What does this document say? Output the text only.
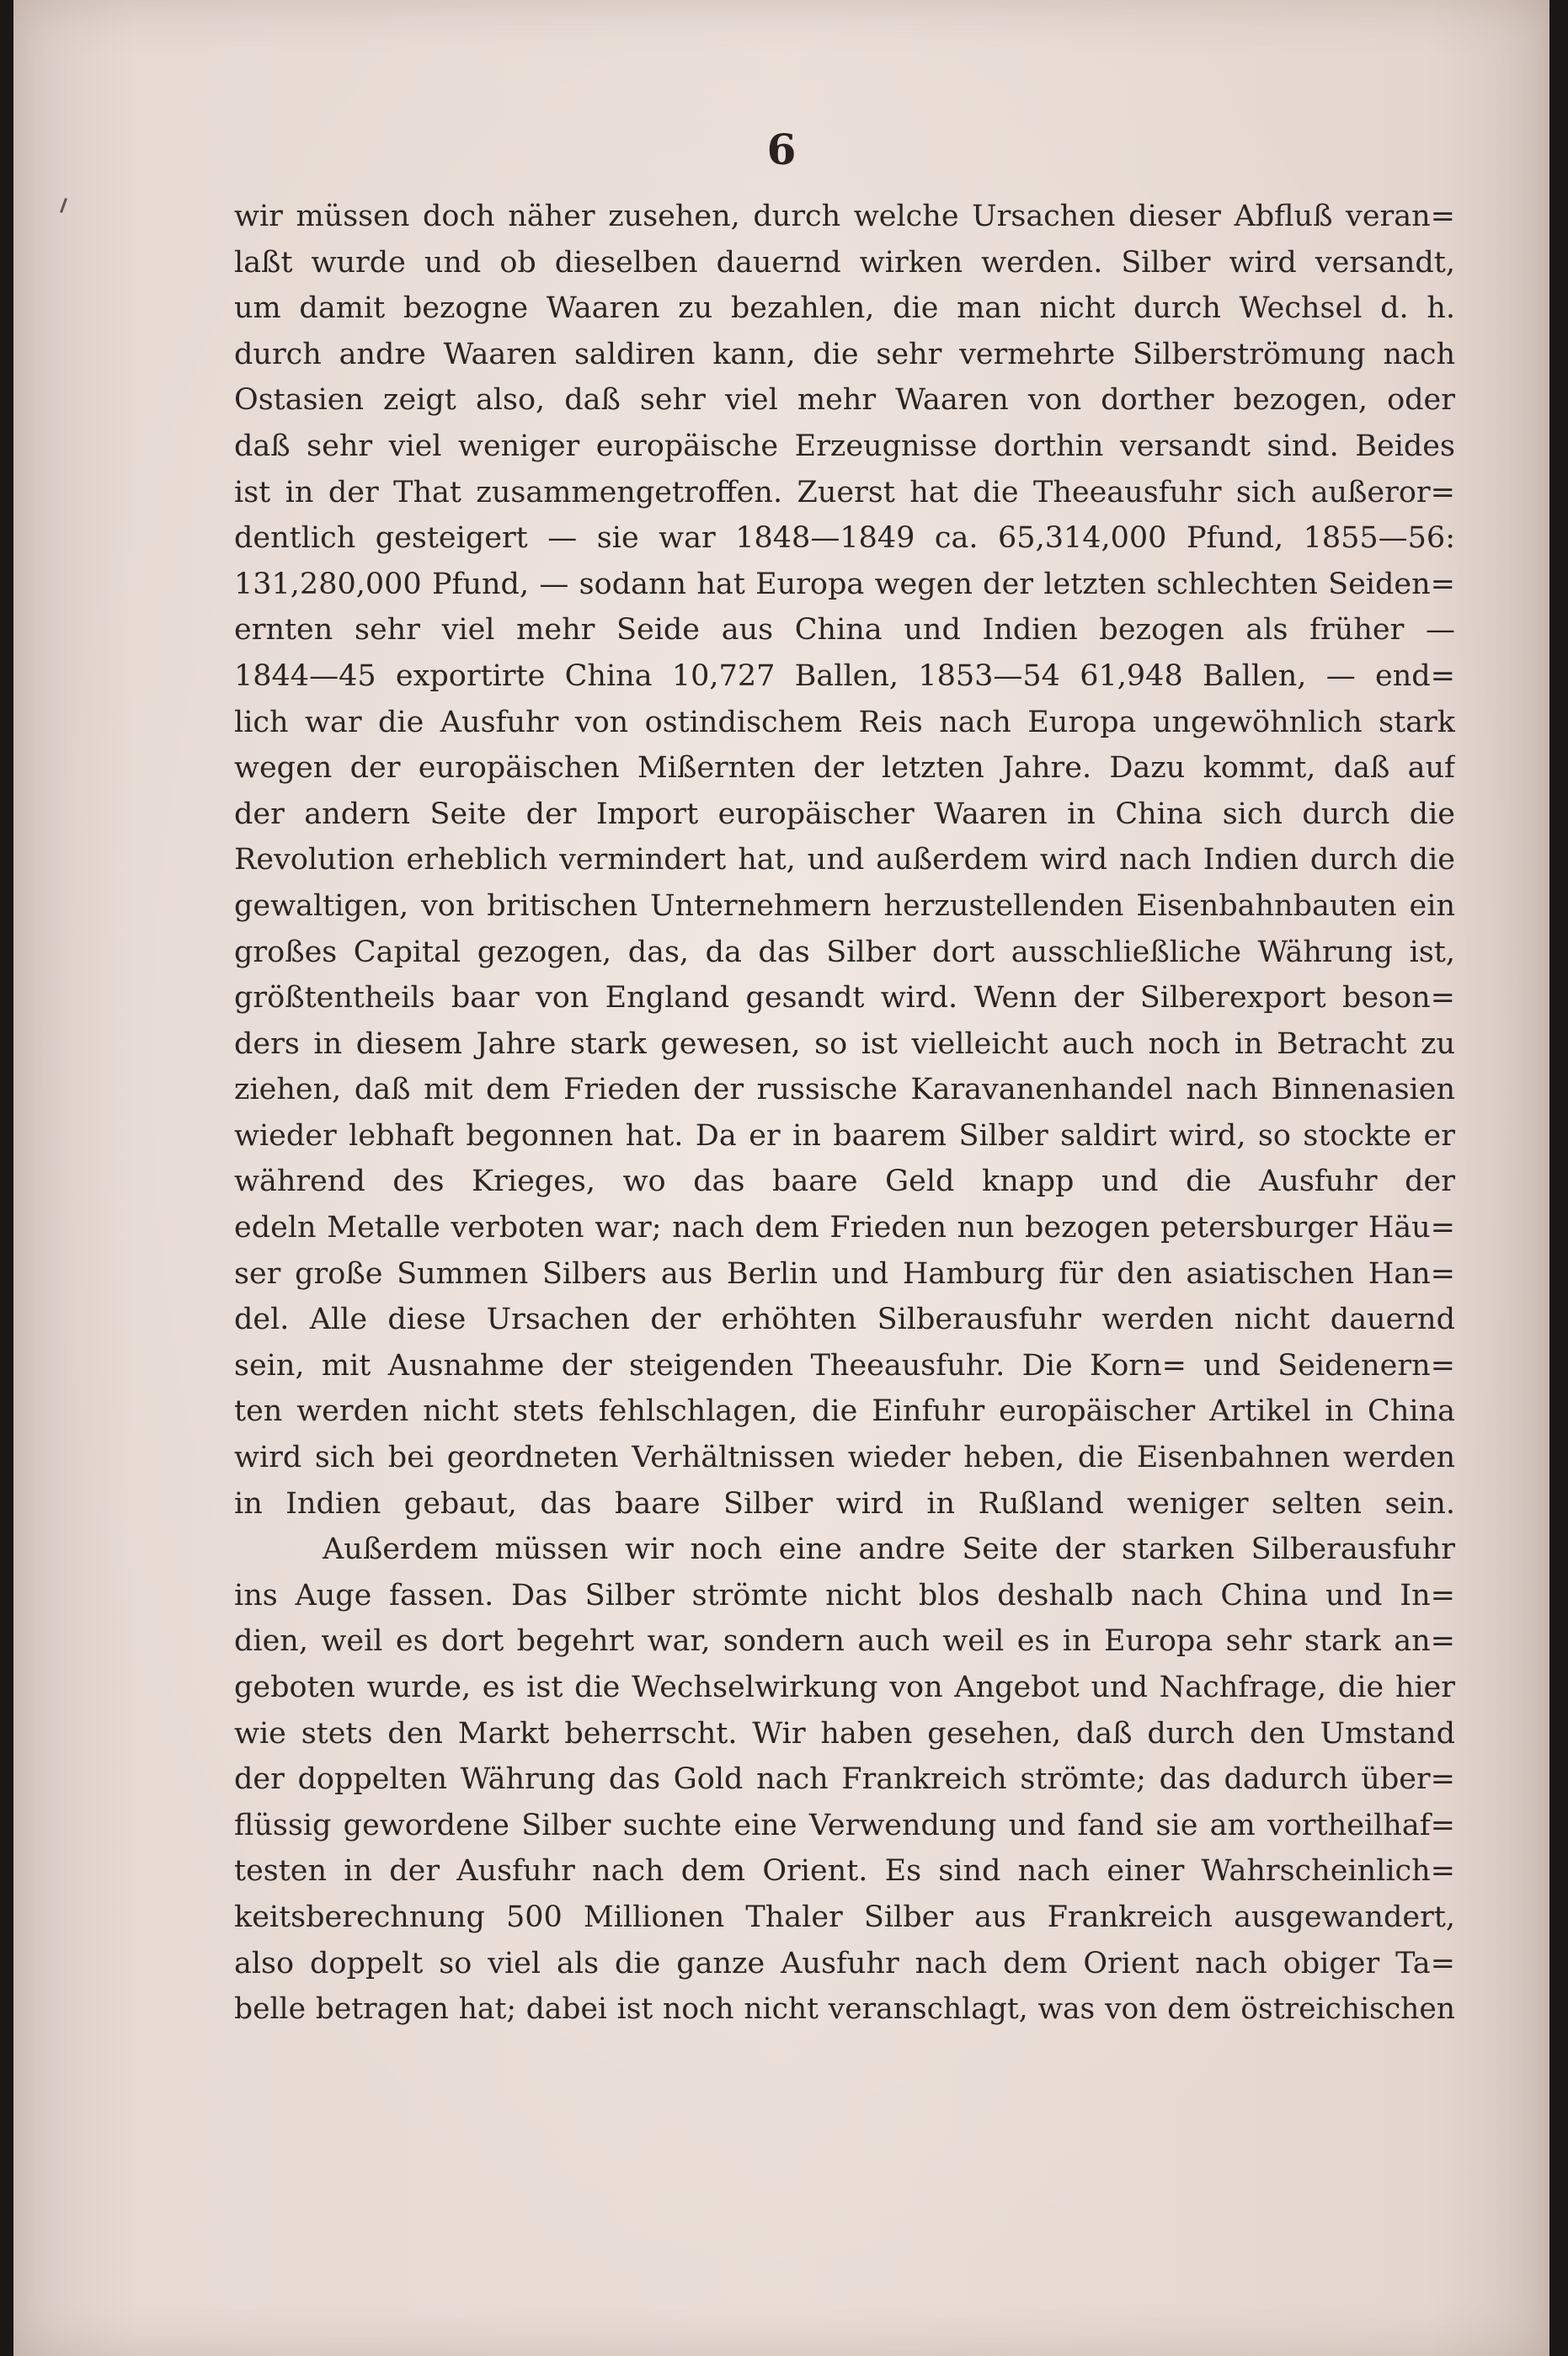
6
wir müssen doch näher zusehen, durch welche Ursachen dieser Abfluß veran=
laßt wurde und ob dieselben dauernd wirken werden. Silber wird versandt,
um damit bezogne Waaren zu bezahlen, die man nicht durch Wechsel d. h.
durch andre Waaren saldiren kann, die sehr vermehrte Silberströmung nach
Ostasien zeigt also, daß sehr viel mehr Waaren von dorther bezogen, oder
daß sehr viel weniger europäische Erzeugnisse dorthin versandt sind. Beides
ist in der That zusammengetroffen. Zuerst hat die Theeausfuhr sich außeror=
dentlich gesteigert — sie war 1848—1849 ca. 65,314,000 Pfund, 1855—56:
131,280,000 Pfund, — sodann hat Europa wegen der letzten schlechten Seiden=
ernten sehr viel mehr Seide aus China und Indien bezogen als früher —
1844—45 exportirte China 10,727 Ballen, 1853—54 61,948 Ballen, — end=
lich war die Ausfuhr von ostindischem Reis nach Europa ungewöhnlich stark
wegen der europäischen Mißernten der letzten Jahre. Dazu kommt, daß auf
der andern Seite der Import europäischer Waaren in China sich durch die
Revolution erheblich vermindert hat, und außerdem wird nach Indien durch die
gewaltigen, von britischen Unternehmern herzustellenden Eisenbahnbauten ein
großes Capital gezogen, das, da das Silber dort ausschließliche Währung ist,
größtentheils baar von England gesandt wird. Wenn der Silberexport beson=
ders in diesem Jahre stark gewesen, so ist vielleicht auch noch in Betracht zu
ziehen, daß mit dem Frieden der russische Karavanenhandel nach Binnenasien
wieder lebhaft begonnen hat. Da er in baarem Silber saldirt wird, so stockte er
während des Krieges, wo das baare Geld knapp und die Ausfuhr der
edeln Metalle verboten war; nach dem Frieden nun bezogen petersburger Häu=
ser große Summen Silbers aus Berlin und Hamburg für den asiatischen Han=
del. Alle diese Ursachen der erhöhten Silberausfuhr werden nicht dauernd
sein, mit Ausnahme der steigenden Theeausfuhr. Die Korn= und Seidenern=
ten werden nicht stets fehlschlagen, die Einfuhr europäischer Artikel in China
wird sich bei geordneten Verhältnissen wieder heben, die Eisenbahnen werden
in Indien gebaut, das baare Silber wird in Rußland weniger selten sein.
Außerdem müssen wir noch eine andre Seite der starken Silberausfuhr
ins Auge fassen. Das Silber strömte nicht blos deshalb nach China und In=
dien, weil es dort begehrt war, sondern auch weil es in Europa sehr stark an=
geboten wurde, es ist die Wechselwirkung von Angebot und Nachfrage, die hier
wie stets den Markt beherrscht. Wir haben gesehen, daß durch den Umstand
der doppelten Währung das Gold nach Frankreich strömte; das dadurch über=
flüssig gewordene Silber suchte eine Verwendung und fand sie am vortheilhaf=
testen in der Ausfuhr nach dem Orient. Es sind nach einer Wahrscheinlich=
keitsberechnung 500 Millionen Thaler Silber aus Frankreich ausgewandert,
also doppelt so viel als die ganze Ausfuhr nach dem Orient nach obiger Ta=
belle betragen hat; dabei ist noch nicht veranschlagt, was von dem östreichischen
